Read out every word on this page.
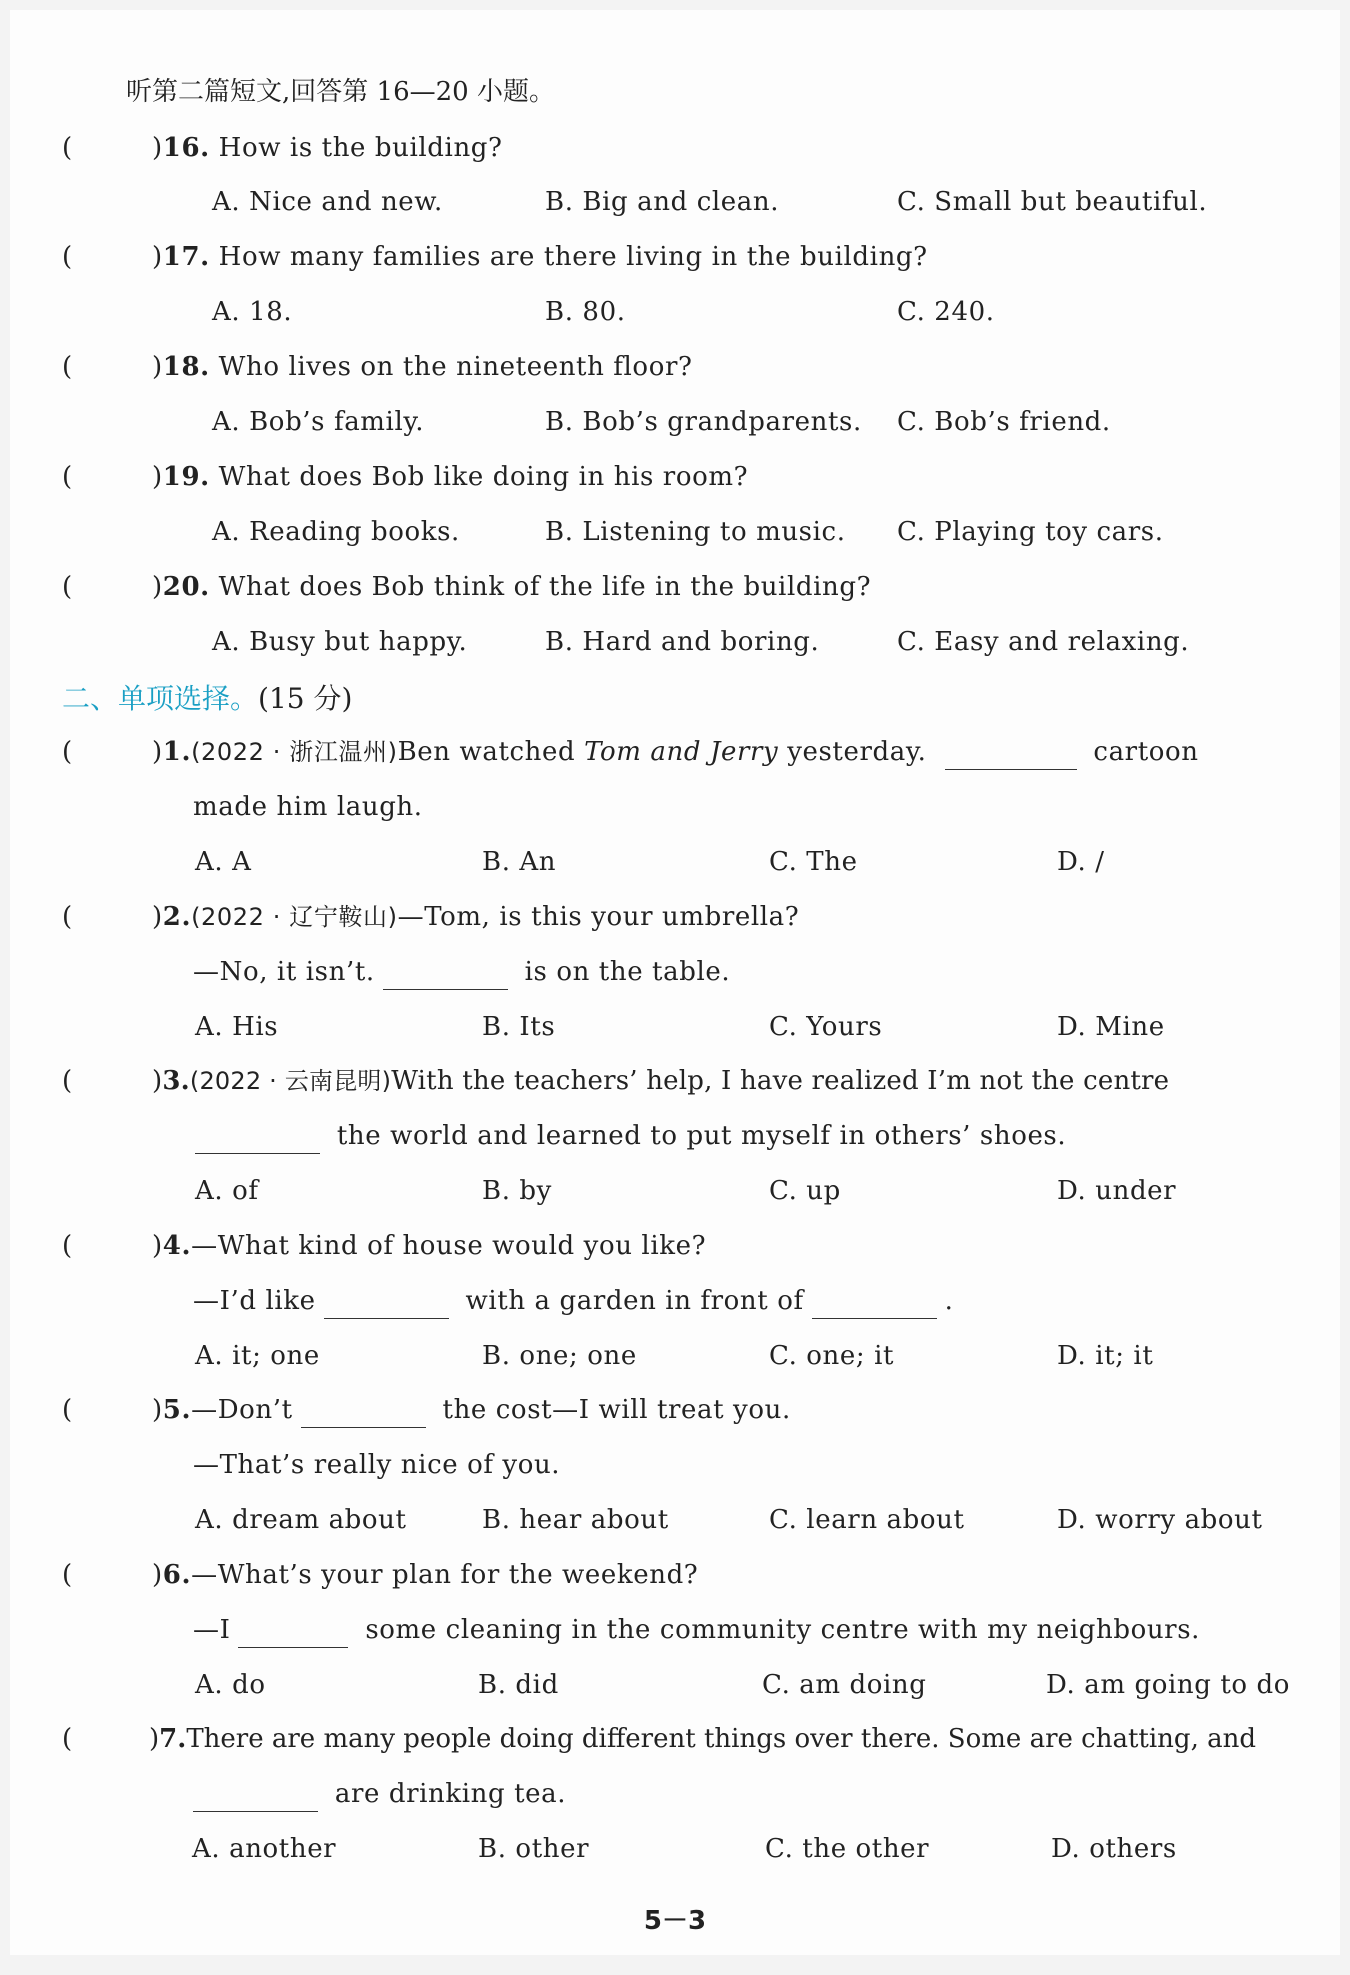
听第二篇短文,回答第 16—20 小题。
(	)16. How is the building?
A. Nice and new.	B. Big and clean.	C. Small but beautiful.
(	)17. How many families are there living in the building?
A. 18.	B. 80.	C. 240.
(	)18. Who lives on the nineteenth floor?
A. Bob’s family.	B. Bob’s grandparents. C. Bob’s friend.
(	)19. What does Bob like doing in his room?
A. Reading books.	B. Listening to music. C. Playing toy cars.
(	)20. What does Bob think of the life in the building?
A. Busy but happy.	B. Hard and boring.	C. Easy and relaxing.
二、单项选择。(15 分)
(	)1.(2022 · 浙江温州)Ben watched Tom and Jerry yesterday.	cartoon
made him laugh.
A. A	B. An	C. The	D. /
(	)2.(2022 · 辽宁鞍山)—Tom, is this your umbrella?
—No, it isn’t.	is on the table.
A. His	B. Its	C. Yours	D. Mine
(	)3.(2022 · 云南昆明)With the teachers’ help, I have realized I’m not the centre
the world and learned to put myself in others’ shoes.
A. of	B. by	C. up	D. under
(	)4.—What kind of house would you like?
—I’d like	with a garden in front of	.
A. it; one	B. one; one	C. one; it	D. it; it
(	)5.—Don’t	the cost—I will treat you.
—That’s really nice of you.
A. dream about	B. hear about	C. learn about	D. worry about
(	)6.—What’s your plan for the weekend?
—I	some cleaning in the community centre with my neighbours.
A. do	B. did	C. am doing	D. am going to do
(	)7.There are many people doing different things over there. Some are chatting, and
are drinking tea.
A. another	B. other	C. the other	D. others
5－3
